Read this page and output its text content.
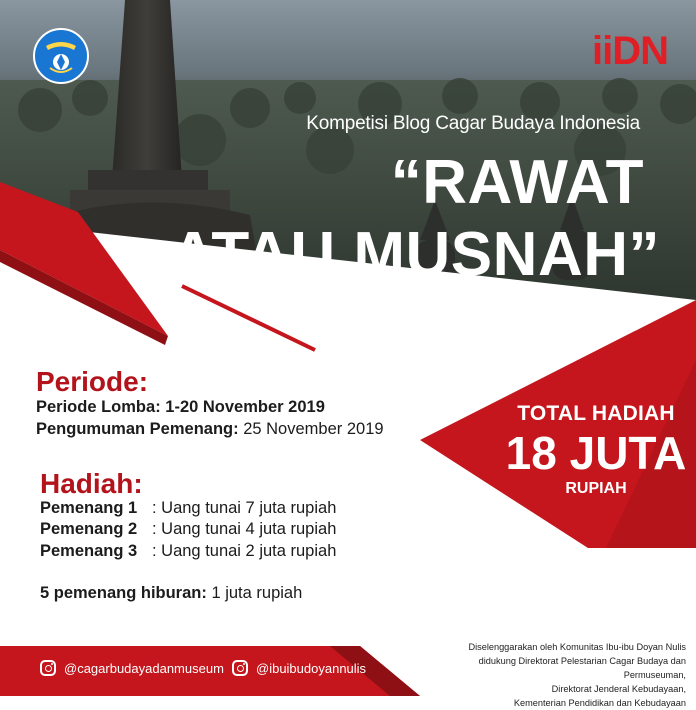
iiDN
Kompetisi Blog Cagar Budaya Indonesia
“RAWAT
ATAU MUSNAH”
TOTAL HADIAH
18 JUTA
RUPIAH
Periode:
Periode Lomba: 1-20 November 2019
Pengumuman Pemenang: 25 November 2019
Hadiah:
Pemenang 1 : Uang tunai 7 juta rupiah
Pemenang 2 : Uang tunai 4 juta rupiah
Pemenang 3 : Uang tunai 2 juta rupiah
5 pemenang hiburan: 1 juta rupiah
@cagarbudayadanmuseum @ibuibudoyannulis
Diselenggarakan oleh Komunitas Ibu-ibu Doyan Nulis
didukung Direktorat Pelestarian Cagar Budaya dan Permuseuman,
Direktorat Jenderal Kebudayaan,
Kementerian Pendidikan dan Kebudayaan
